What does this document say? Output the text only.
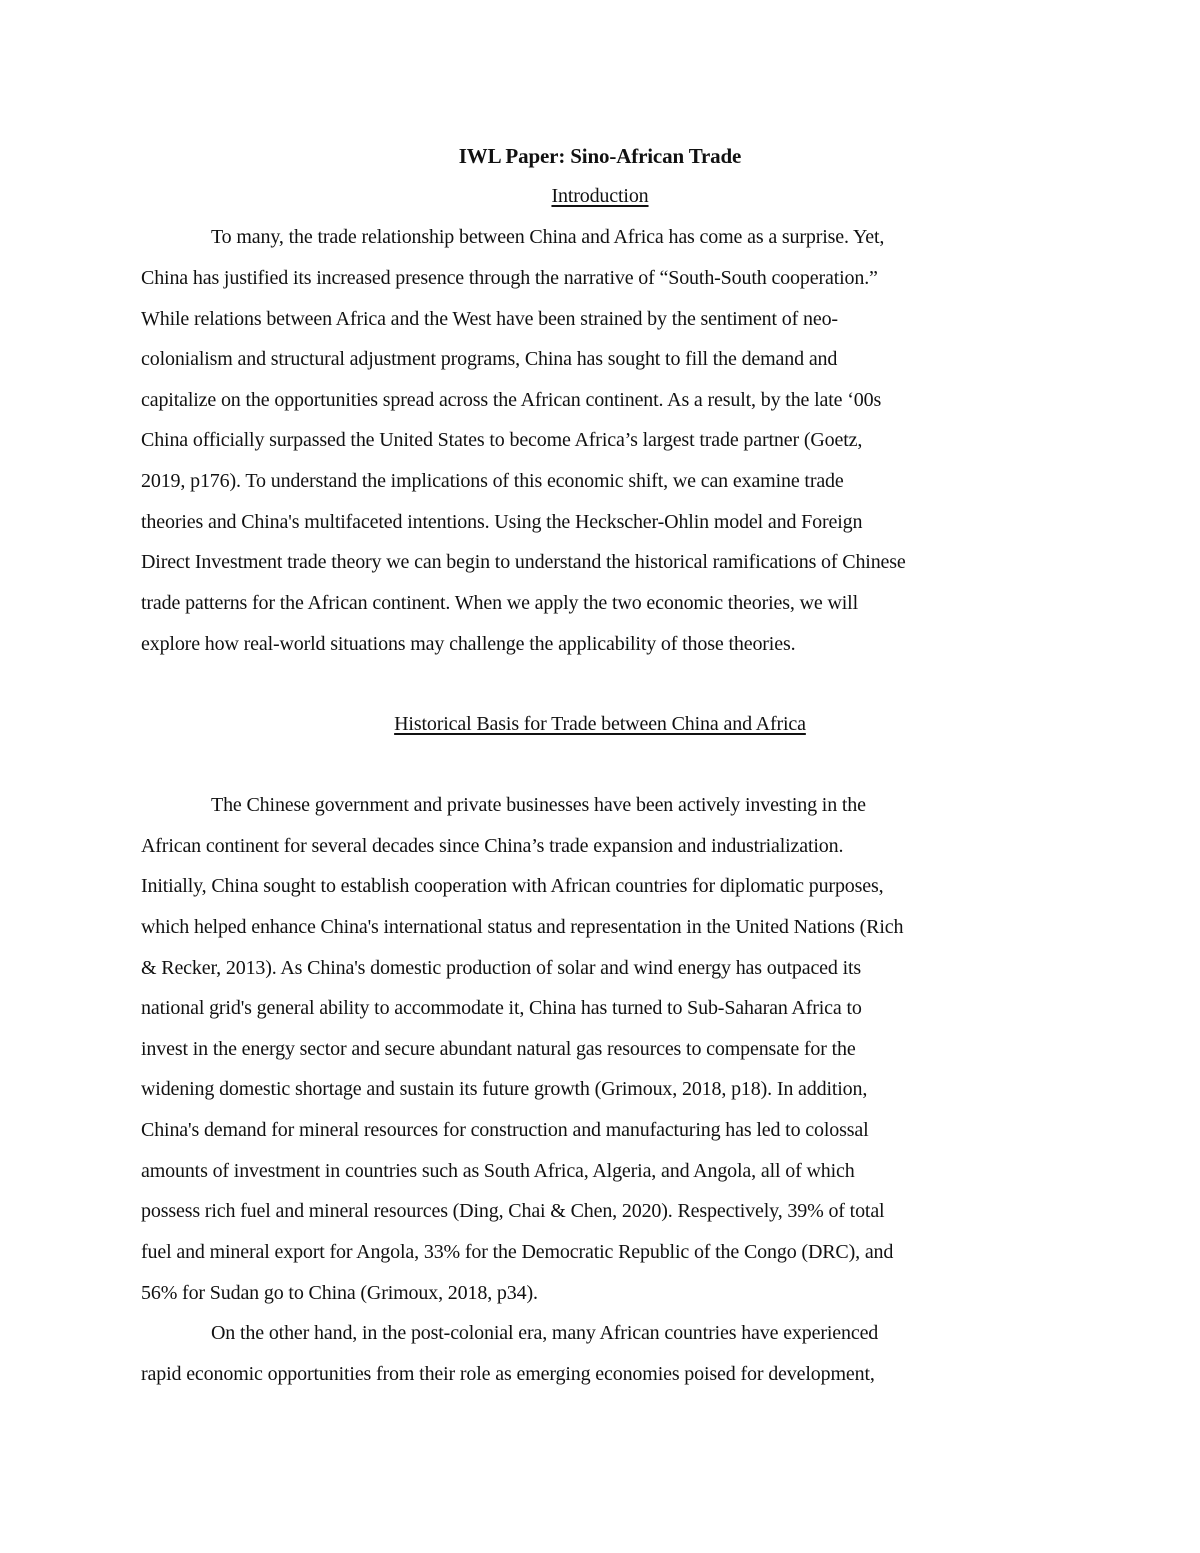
IWL Paper: Sino-African Trade
Introduction
To many, the trade relationship between China and Africa has come as a surprise. Yet,
China has justified its increased presence through the narrative of “South-South cooperation.”
While relations between Africa and the West have been strained by the sentiment of neo-
colonialism and structural adjustment programs, China has sought to fill the demand and
capitalize on the opportunities spread across the African continent. As a result, by the late ‘00s
China officially surpassed the United States to become Africa’s largest trade partner (Goetz,
2019, p176). To understand the implications of this economic shift, we can examine trade
theories and China's multifaceted intentions. Using the Heckscher-Ohlin model and Foreign
Direct Investment trade theory we can begin to understand the historical ramifications of Chinese
trade patterns for the African continent. When we apply the two economic theories, we will
explore how real-world situations may challenge the applicability of those theories.
Historical Basis for Trade between China and Africa
The Chinese government and private businesses have been actively investing in the
African continent for several decades since China’s trade expansion and industrialization.
Initially, China sought to establish cooperation with African countries for diplomatic purposes,
which helped enhance China's international status and representation in the United Nations (Rich
& Recker, 2013). As China's domestic production of solar and wind energy has outpaced its
national grid's general ability to accommodate it, China has turned to Sub-Saharan Africa to
invest in the energy sector and secure abundant natural gas resources to compensate for the
widening domestic shortage and sustain its future growth (Grimoux, 2018, p18). In addition,
China's demand for mineral resources for construction and manufacturing has led to colossal
amounts of investment in countries such as South Africa, Algeria, and Angola, all of which
possess rich fuel and mineral resources (Ding, Chai & Chen, 2020). Respectively, 39% of total
fuel and mineral export for Angola, 33% for the Democratic Republic of the Congo (DRC), and
56% for Sudan go to China (Grimoux, 2018, p34).
On the other hand, in the post-colonial era, many African countries have experienced
rapid economic opportunities from their role as emerging economies poised for development,
